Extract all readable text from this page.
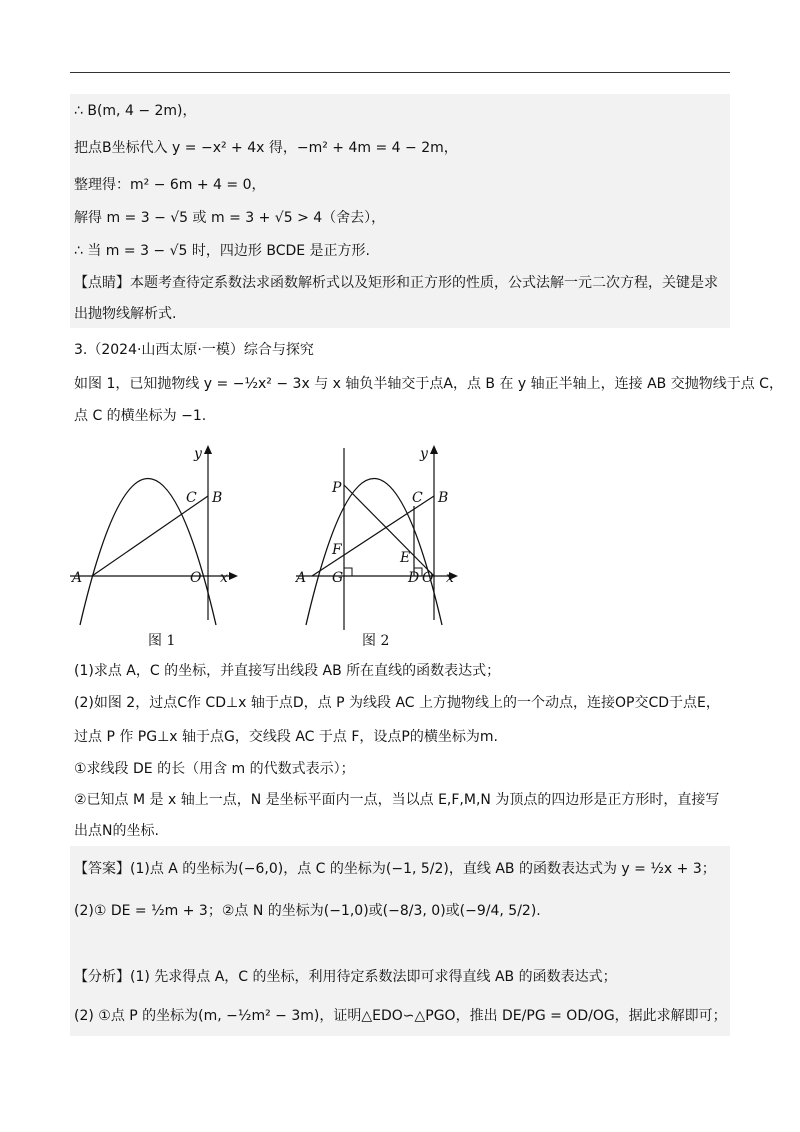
∴ B(m, 4 − 2m)，
把点B坐标代入 y = −x² + 4x 得，−m² + 4m = 4 − 2m，
整理得：m² − 6m + 4 = 0，
解得 m = 3 − √5 或 m = 3 + √5 > 4（舍去），
∴ 当 m = 3 − √5 时，四边形 BCDE 是正方形.
【点睛】本题考查待定系数法求函数解析式以及矩形和正方形的性质，公式法解一元二次方程，关键是求
出抛物线解析式.
3.（2024·山西太原·一模）综合与探究
如图 1，已知抛物线 y = −½x² − 3x 与 x 轴负半轴交于点A，点 B 在 y 轴正半轴上，连接 AB 交抛物线于点 C，
点 C 的横坐标为 −1.
y
B
C
A	O x
图 1
y
P
C B
F	E
A G	D O x
图 2
(1)求点 A，C 的坐标，并直接写出线段 AB 所在直线的函数表达式；
(2)如图 2，过点C作 CD⊥x 轴于点D，点 P 为线段 AC 上方抛物线上的一个动点，连接OP交CD于点E，
过点 P 作 PG⊥x 轴于点G，交线段 AC 于点 F，设点P的横坐标为m.
①求线段 DE 的长（用含 m 的代数式表示）；
②已知点 M 是 x 轴上一点，N 是坐标平面内一点，当以点 E,F,M,N 为顶点的四边形是正方形时，直接写
出点N的坐标.
【答案】(1)点 A 的坐标为(−6,0)，点 C 的坐标为(−1, 5/2)，直线 AB 的函数表达式为 y = ½x + 3；
(2)① DE = ½m + 3；②点 N 的坐标为(−1,0)或(−8/3, 0)或(−9/4, 5/2).
【分析】(1) 先求得点 A，C 的坐标，利用待定系数法即可求得直线 AB 的函数表达式；
(2) ①点 P 的坐标为(m, −½m² − 3m)，证明△EDO∽△PGO，推出 DE/PG = OD/OG，据此求解即可；
